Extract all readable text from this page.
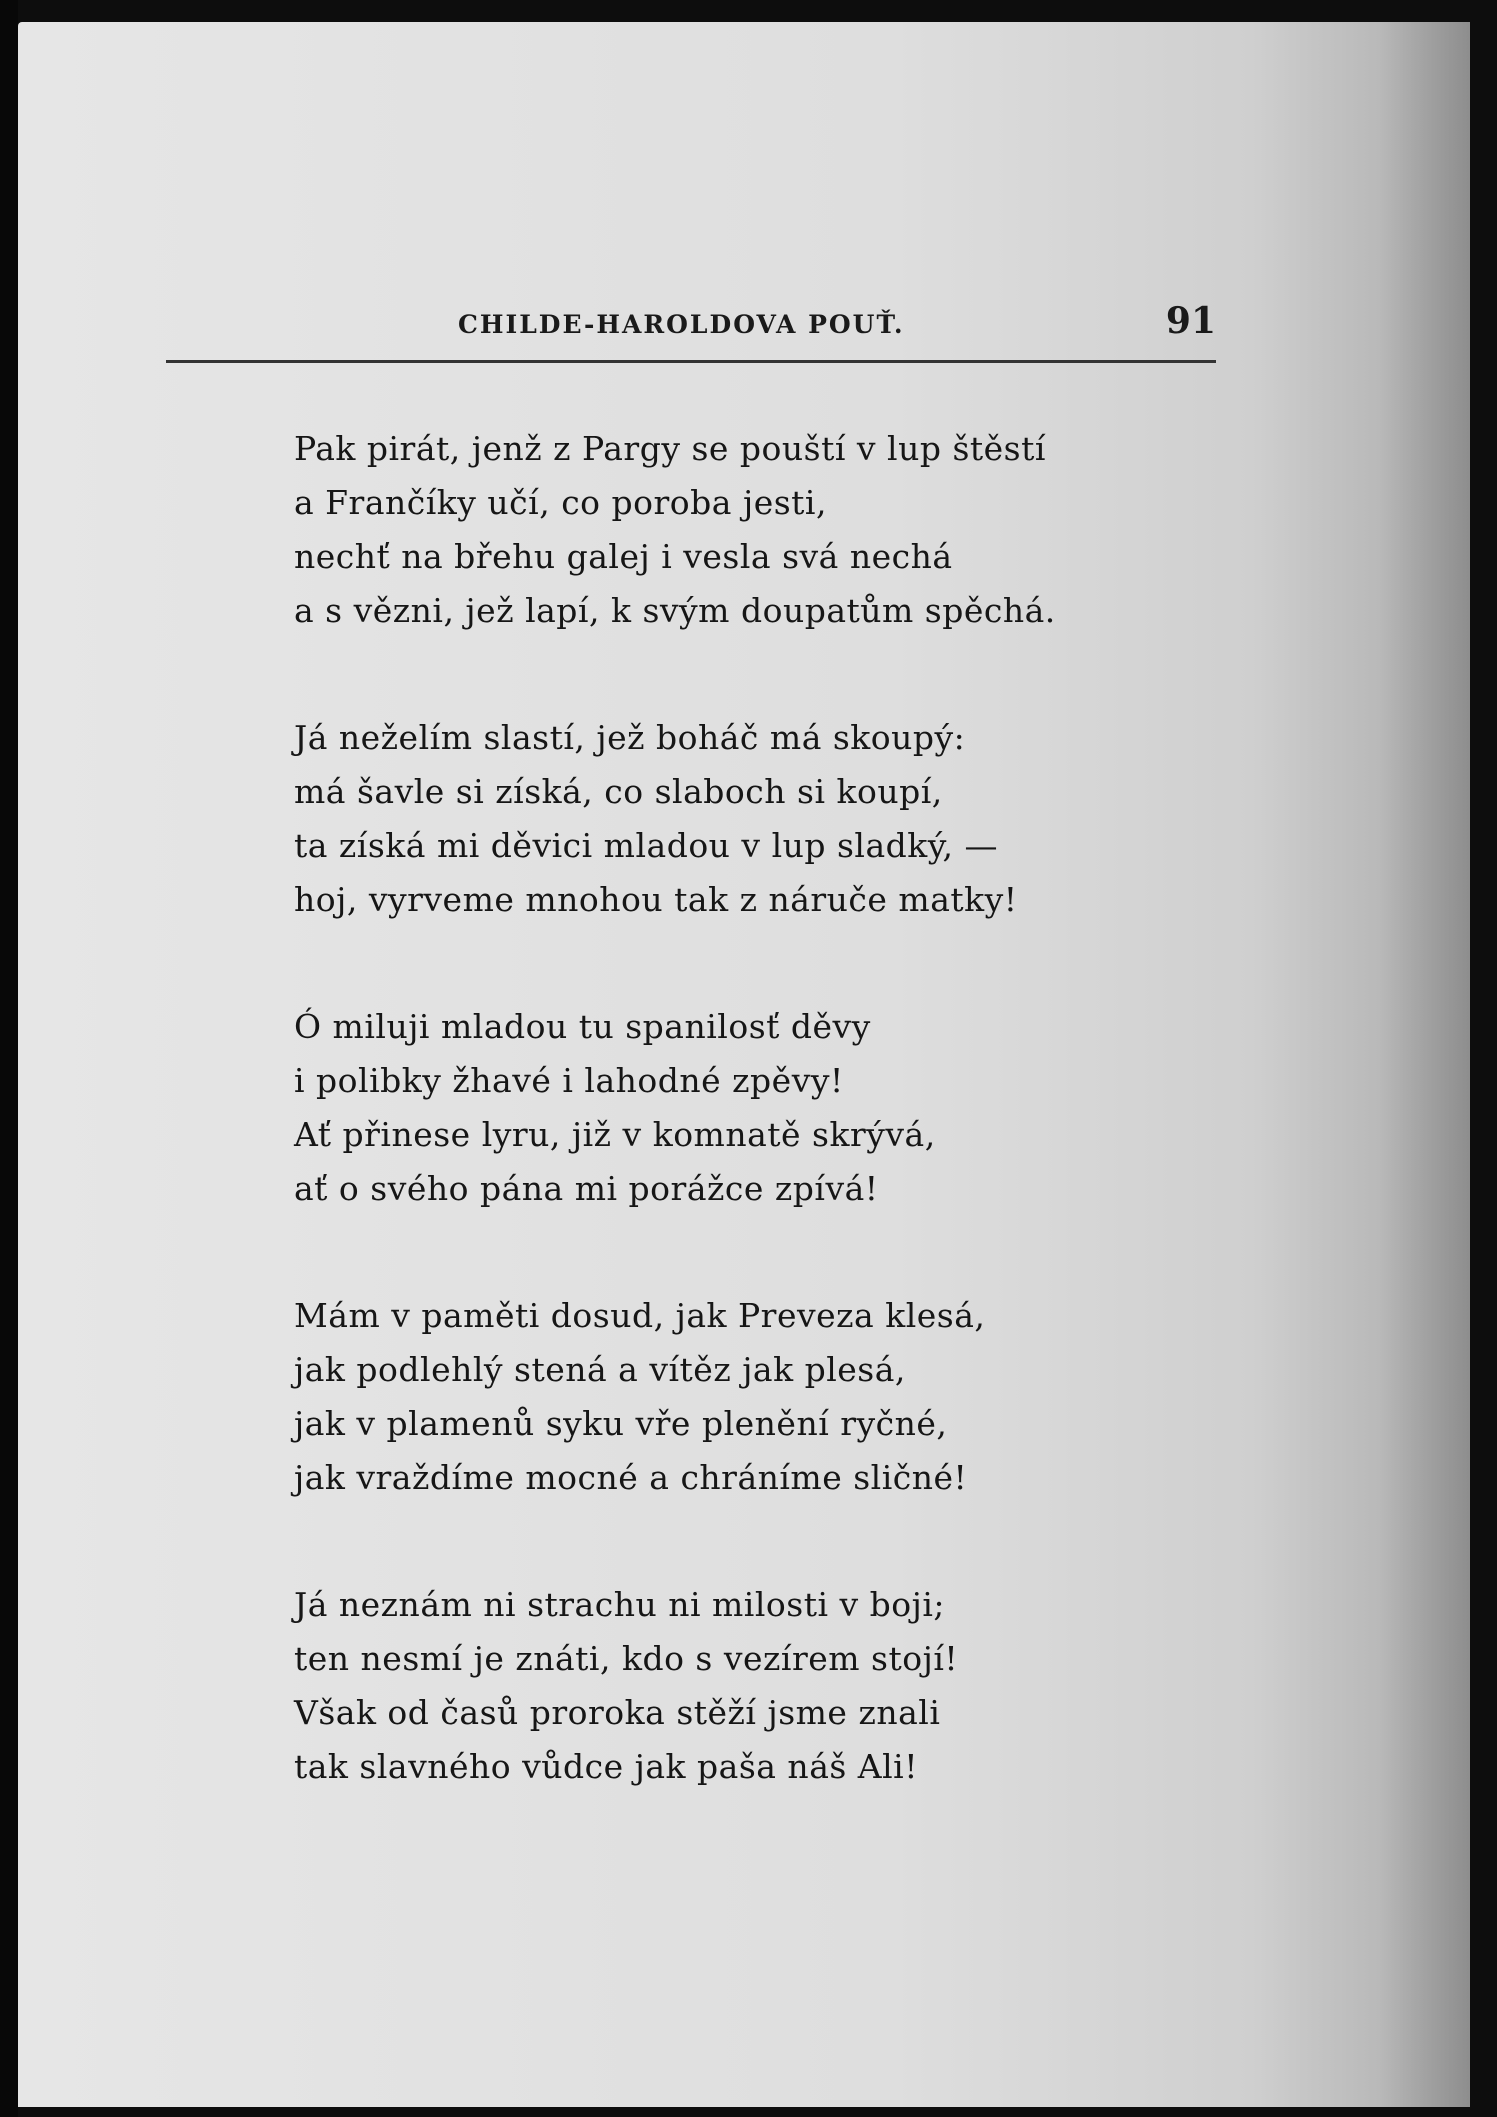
CHILDE-HAROLDOVA POUŤ.	91
Pak pirát, jenž z Pargy se pouští v lup štěstí
a Frančíky učí, co poroba jesti,
nechť na břehu galej i vesla svá nechá
a s vězni, jež lapí, k svým doupatům spěchá.
Já neželím slastí, jež boháč má skoupý:
má šavle si získá, co slaboch si koupí,
ta získá mi děvici mladou v lup sladký, —
hoj, vyrveme mnohou tak z náruče matky!
Ó miluji mladou tu spanilosť děvy
i polibky žhavé i lahodné zpěvy!
Ať přinese lyru, již v komnatě skrývá,
ať o svého pána mi porážce zpívá!
Mám v paměti dosud, jak Preveza klesá,
jak podlehlý stená a vítěz jak plesá,
jak v plamenů syku vře plenění ryčné,
jak vraždíme mocné a chráníme sličné!
Já neznám ni strachu ni milosti v boji;
ten nesmí je znáti, kdo s vezírem stojí!
Však od časů proroka stěží jsme znali
tak slavného vůdce jak paša náš Ali!
